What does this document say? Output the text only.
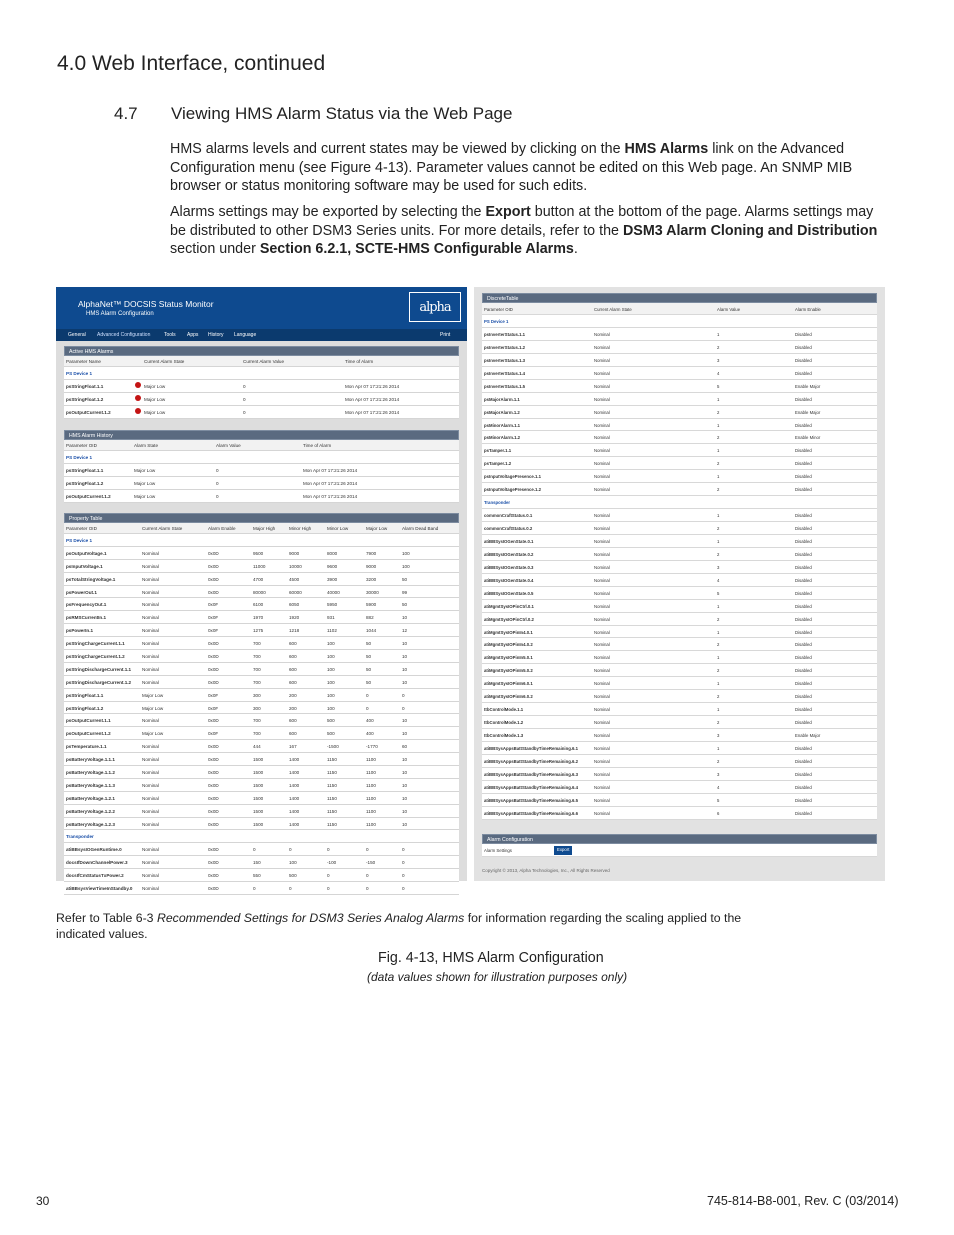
4.0 Web Interface, continued
4.7 Viewing HMS Alarm Status via the Web Page
HMS alarms levels and current states may be viewed by clicking on the HMS Alarms link on the Advanced Configuration menu (see Figure 4-13). Parameter values cannot be edited on this Web page. An SNMP MIB browser or status monitoring software may be used for such edits.
Alarms settings may be exported by selecting the Export button at the bottom of the page. Alarms settings may be distributed to other DSM3 Series units. For more details, refer to the DSM3 Alarm Cloning and Distribution section under Section 6.2.1, SCTE-HMS Configurable Alarms.
AlphaNet™ DOCSIS Status Monitor
HMS Alarm Configuration	alpha
General Advanced Configuration	Tools Apps History Language	Print
Active HMS Alarms
Parameter Name	Current Alarm State	Current Alarm Value	Time of Alarm
PS Device 1
psStringFloat.1.1	Major Low	0	Mon Apr 07 17:21:26 2014
psStringFloat.1.2	Major Low	0	Mon Apr 07 17:21:26 2014
psOutputCurrent.1.2	Major Low	0	Mon Apr 07 17:21:26 2014
HMS Alarm History
Parameter OID	Alarm State	Alarm Value	Time of Alarm
PS Device 1
psStringFloat.1.1	Major Low	0	Mon Apr 07 17:21:26 2014
psStringFloat.1.2	Major Low	0	Mon Apr 07 17:21:26 2014
psOutputCurrent.1.2	Major Low	0	Mon Apr 07 17:21:26 2014
Property Table
Parameter OID	Current Alarm State	Alarm Enable	Major High	Minor High	Minor Low	Major Low	Alarm Dead Band
PS Device 1
psOutputVoltage.1	Nominal	0x0D	9500	9000	8000	7900	100
psInputVoltage.1	Nominal	0x0D	11000	10000	9600	9000	100
psTotalStringVoltage.1	Nominal	0x0D	4700	4500	3900	3200	50
psPowerOut.1	Nominal	0x0D	80000	60000	40000	30000	99
psFrequencyOut.1	Nominal	0x0F	6100	6050	5950	5900	50
psRMSCurrentIn.1	Nominal	0x0F	1970	1920	931	882	10
psPowerIn.1	Nominal	0x0F	1275	1218	1102	1044	12
psStringChargeCurrent.1.1	Nominal	0x0D	700	600	100	50	10
psStringChargeCurrent.1.2	Nominal	0x0D	700	600	100	50	10
psStringDischargeCurrent.1.1 Nominal	0x0D	700	600	100	50	10
psStringDischargeCurrent.1.2 Nominal	0x0D	700	600	100	50	10
psStringFloat.1.1	Major Low	0x0F	300	200	100	0	0
psStringFloat.1.2	Major Low	0x0F	300	200	100	0	0
psOutputCurrent.1.1	Nominal	0x0D	700	600	500	400	10
psOutputCurrent.1.2	Major Low	0x0F	700	600	500	400	10
psTemperature.1.1	Nominal	0x0D	444	167	-1500	-1770	60
psBatteryVoltage.1.1.1	Nominal	0x0D	1500	1400	1150	1100	10
psBatteryVoltage.1.1.2	Nominal	0x0D	1500	1400	1150	1100	10
psBatteryVoltage.1.1.3	Nominal	0x0D	1500	1400	1150	1100	10
psBatteryVoltage.1.2.1	Nominal	0x0D	1500	1400	1150	1100	10
psBatteryVoltage.1.2.2	Nominal	0x0D	1500	1400	1150	1100	10
psBatteryVoltage.1.2.3	Nominal	0x0D	1500	1400	1150	1100	10
Transponder
atiBBsysIOGenRuntime.0	Nominal	0x0D	0	0	0	0	0
docsIfDownChannelPower.3	Nominal	0x0D	150	100	-100	-150	0
docsIfCmStatusTxPower.2	Nominal	0x0D	550	500	0	0	0
atiBBsysViewTimeInStandby.0 Nominal	0x0D	0	0	0	0	0
DiscreteTable
Parameter OID	Current Alarm State	Alarm Value	Alarm Enable
PS Device 1
psInverterStatus.1.1	Nominal	1	Disabled
psInverterStatus.1.2	Nominal	2	Disabled
psInverterStatus.1.3	Nominal	3	Disabled
psInverterStatus.1.4	Nominal	4	Disabled
psInverterStatus.1.5	Nominal	5	Enable Major
psMajorAlarm.1.1	Nominal	1	Disabled
psMajorAlarm.1.2	Nominal	2	Enable Major
psMinorAlarm.1.1	Nominal	1	Disabled
psMinorAlarm.1.2	Nominal	2	Enable Minor
psTamper.1.1	Nominal	1	Disabled
psTamper.1.2	Nominal	2	Disabled
psInputVoltagePresence.1.1	Nominal	1	Disabled
psInputVoltagePresence.1.2	Nominal	2	Disabled
Transponder
commonCraftStatus.0.1	Nominal	1	Disabled
commonCraftStatus.0.2	Nominal	2	Disabled
atiBBSysIOGenState.0.1	Nominal	1	Disabled
atiBBSysIOGenState.0.2	Nominal	2	Disabled
atiBBSysIOGenState.0.3	Nominal	3	Disabled
atiBBSysIOGenState.0.4	Nominal	4	Disabled
atiBBSysIOGenState.0.5	Nominal	5	Disabled
atiMgmtSysIOPinCtrl.0.1	Nominal	1	Disabled
atiMgmtSysIOPinCtrl.0.2	Nominal	2	Disabled
atiMgmtSysIOPinIn4.0.1	Nominal	1	Disabled
atiMgmtSysIOPinIn4.0.2	Nominal	2	Disabled
atiMgmtSysIOPinIn5.0.1	Nominal	1	Disabled
atiMgmtSysIOPinIn5.0.2	Nominal	2	Disabled
atiMgmtSysIOPinIn6.0.1	Nominal	1	Disabled
atiMgmtSysIOPinIn6.0.2	Nominal	2	Disabled
ttbControlMode.1.1	Nominal	1	Disabled
ttbControlMode.1.2	Nominal	2	Disabled
ttbControlMode.1.3	Nominal	3	Enable Major
atiBBSysAppsBattStandbyTimeRemaining.6.1	Nominal	1	Disabled
atiBBSysAppsBattStandbyTimeRemaining.6.2	Nominal	2	Disabled
atiBBSysAppsBattStandbyTimeRemaining.6.3	Nominal	3	Disabled
atiBBSysAppsBattStandbyTimeRemaining.6.4	Nominal	4	Disabled
atiBBSysAppsBattStandbyTimeRemaining.6.5	Nominal	5	Disabled
atiBBSysAppsBattStandbyTimeRemaining.6.6	Nominal	6	Disabled
Alarm Configuration
Alarm Settings	Export
Copyright © 2013, Alpha Technologies, Inc., All Rights Reserved
Refer to Table 6-3 Recommended Settings for DSM3 Series Analog Alarms for information regarding the scaling applied to the indicated values.
Fig. 4-13, HMS Alarm Configuration
(data values shown for illustration purposes only)
30	745-814-B8-001, Rev. C (03/2014)
